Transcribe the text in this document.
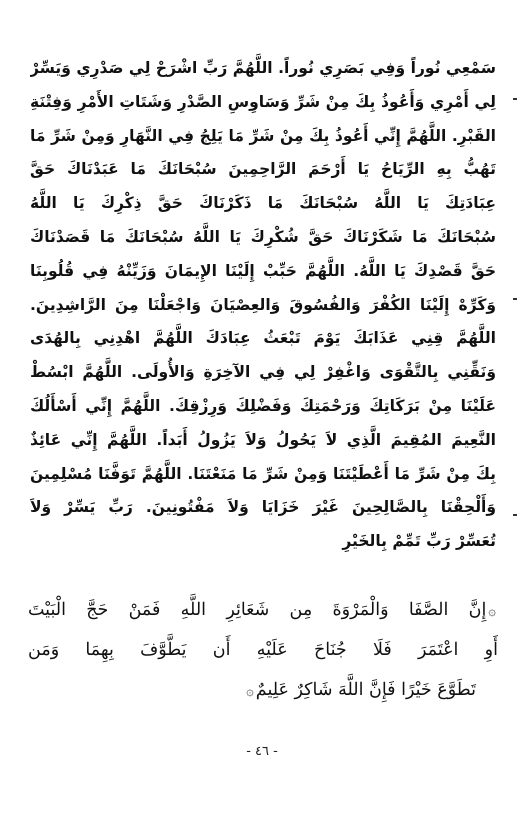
سَمْعِي نُوراً وَفِي بَصَرِي نُوراً. اللَّهُمَّ رَبِّ اشْرَحْ لِي صَدْرِي وَيَسِّرْ
لِي أَمْرِي وَأَعُوذُ بِكَ مِنْ شَرِّ وَسَاوِسِ الصَّدْرِ وَشَتَاتِ الأَمْرِ وَفِتْنَةِ
القَبْرِ. اللَّهُمَّ إِنِّي أَعُوذُ بِكَ مِنْ شَرِّ مَا يَلِجُ فِي النَّهَارِ وَمِنْ شَرِّ مَا
تَهُبُّ بِهِ الرِّيَاحُ يَا أَرْحَمَ الرَّاحِمِينَ سُبْحَانَكَ مَا عَبَدْنَاكَ حَقَّ
عِبَادَتِكَ يَا اللَّهُ سُبْحَانَكَ مَا ذَكَرْنَاكَ حَقَّ ذِكْرِكَ يَا اللَّهُ
سُبْحَانَكَ مَا شَكَرْنَاكَ حَقَّ شُكْرِكَ يَا اللَّهُ سُبْحَانَكَ مَا قَصَدْنَاكَ
حَقَّ قَصْدِكَ يَا اللَّهُ. اللَّهُمَّ حَبِّبْ إِلَيْنَا الإِيمَانَ وَزَيِّنْهُ فِي قُلُوبِنَا
وَكَرِّهْ إِلَيْنَا الكُفْرَ وَالفُسُوقَ وَالعِصْيَانَ وَاجْعَلْنَا مِنَ الرَّاشِدِينَ.
اللَّهُمَّ قِنِي عَذَابَكَ يَوْمَ تَبْعَثُ عِبَادَكَ اللَّهُمَّ اهْدِنِي بِالهُدَى
وَنَقِّنِي بِالتَّقْوَى وَاغْفِرْ لِي فِي الآخِرَةِ وَالأُولَى. اللَّهُمَّ ابْسُطْ
عَلَيْنَا مِنْ بَرَكَاتِكَ وَرَحْمَتِكَ وَفَضْلِكَ وَرِزْقِكَ. اللَّهُمَّ إِنِّي أَسْأَلُكَ
النَّعِيمَ المُقِيمَ الَّذِي لاَ يَحُولُ وَلاَ يَزُولُ أَبَداً. اللَّهُمَّ إِنِّي عَائِذٌ
بِكَ مِنْ شَرِّ مَا أَعْطَيْتَنَا وَمِنْ شَرِّ مَا مَنَعْتَنَا. اللَّهُمَّ تَوَفَّنَا مُسْلِمِينَ
وَأَلْحِقْنَا بِالصَّالِحِينَ غَيْرَ خَزَايَا وَلاَ مَفْتُونِينَ. رَبِّ يَسِّرْ وَلاَ
تُعَسِّرْ رَبِّ تَمِّمْ بِالخَيْرِ
۞إِنَّ الصَّفَا وَالْمَرْوَةَ مِن شَعَائِرِ اللَّهِ فَمَنْ حَجَّ الْبَيْتَ
أَوِ اعْتَمَرَ فَلَا جُنَاحَ عَلَيْهِ أَن يَطَّوَّفَ بِهِمَا وَمَن
تَطَوَّعَ خَيْرًا فَإِنَّ اللَّهَ شَاكِرٌ عَلِيمٌ۞
- ٤٦ -
